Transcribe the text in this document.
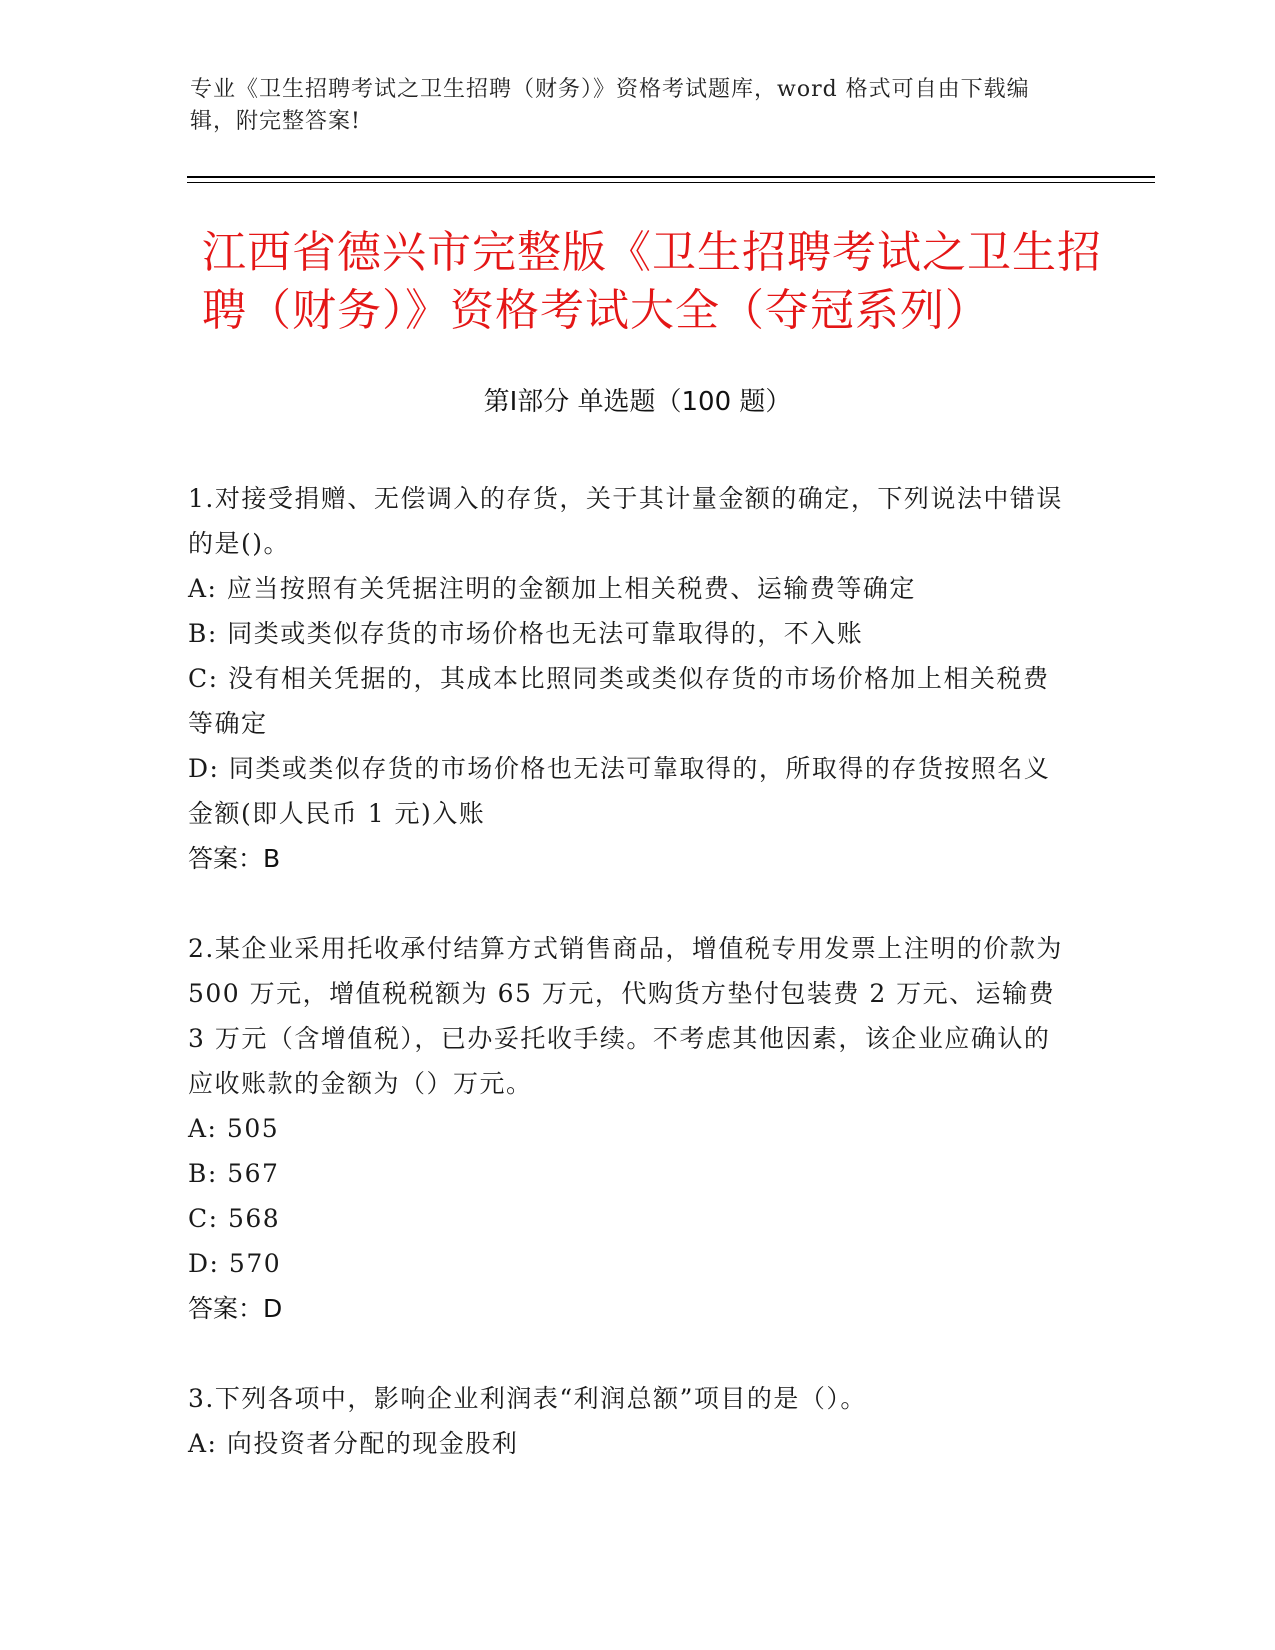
专业《卫生招聘考试之卫生招聘（财务）》资格考试题库，word 格式可自由下载编辑，附完整答案!
江西省德兴市完整版《卫生招聘考试之卫生招聘（财务）》资格考试大全（夺冠系列）
第Ⅰ部分 单选题（100 题）
1.对接受捐赠、无偿调入的存货，关于其计量金额的确定，下列说法中错误的是()。
A: 应当按照有关凭据注明的金额加上相关税费、运输费等确定
B: 同类或类似存货的市场价格也无法可靠取得的，不入账
C: 没有相关凭据的，其成本比照同类或类似存货的市场价格加上相关税费等确定
D: 同类或类似存货的市场价格也无法可靠取得的，所取得的存货按照名义金额(即人民币 1 元)入账
答案：B
2.某企业采用托收承付结算方式销售商品，增值税专用发票上注明的价款为 500 万元，增值税税额为 65 万元，代购货方垫付包装费 2 万元、运输费 3 万元（含增值税），已办妥托收手续。不考虑其他因素，该企业应确认的应收账款的金额为（）万元。
A: 505
B: 567
C: 568
D: 570
答案：D
3.下列各项中，影响企业利润表“利润总额”项目的是（）。
A: 向投资者分配的现金股利
